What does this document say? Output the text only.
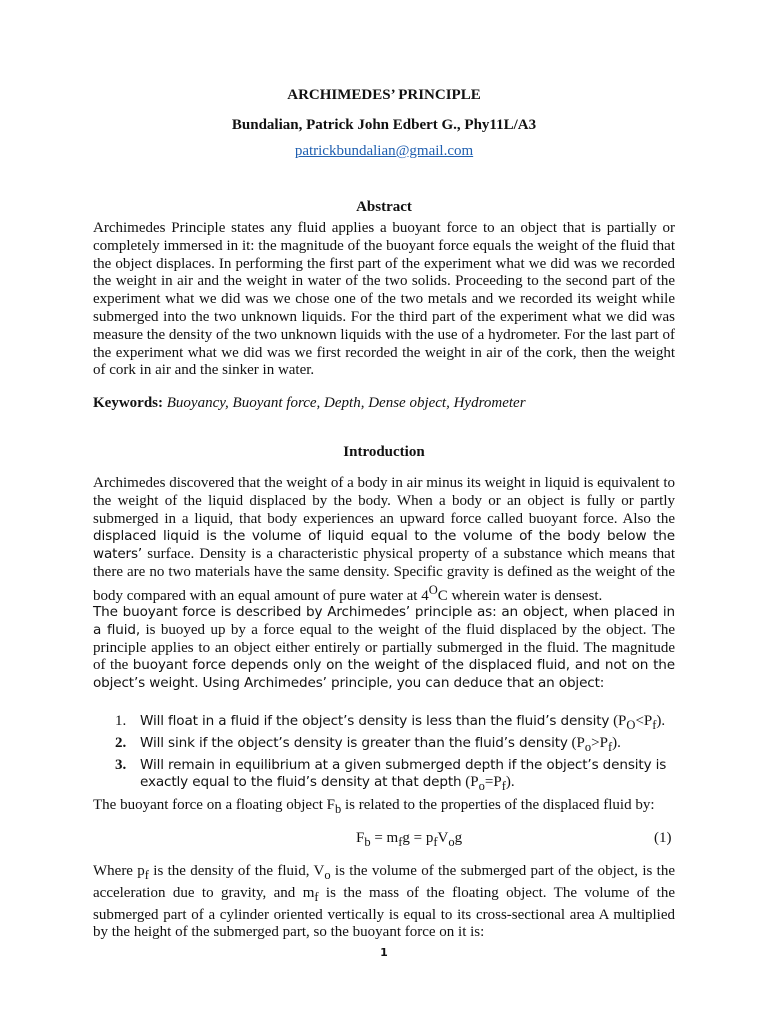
ARCHIMEDES’ PRINCIPLE
Bundalian, Patrick John Edbert G., Phy11L/A3
patrickbundalian@gmail.com
Abstract

Archimedes Principle states any fluid applies a buoyant force to an object that is partially or completely immersed in it: the magnitude of the buoyant force equals the weight of the fluid that the object displaces. In performing the first part of the experiment what we did was we recorded the weight in air and the weight in water of the two solids. Proceeding to the second part of the experiment what we did was we chose one of the two metals and we recorded its weight while submerged into the two unknown liquids. For the third part of the experiment what we did was measure the density of the two unknown liquids with the use of a hydrometer. For the last part of the experiment what we did was we first recorded the weight in air of the cork, then the weight of cork in air and the sinker in water.

Keywords: Buoyancy, Buoyant force, Depth, Dense object, Hydrometer
Introduction

Archimedes discovered that the weight of a body in air minus its weight in liquid is equivalent to the weight of the liquid displaced by the body. When a body or an object is fully or partly submerged in a liquid, that body experiences an upward force called buoyant force. Also the displaced liquid is the volume of liquid equal to the volume of the body below the waters’ surface. Density is a characteristic physical property of a substance which means that there are no two materials have the same density. Specific gravity is defined as the weight of the body compared with an equal amount of pure water at $4^OC$ wherein water is densest.

The buoyant force is described by Archimedes’ principle as: an object, when placed in a fluid, is buoyed up by a force equal to the weight of the fluid displaced by the object. The principle applies to an object either entirely or partially submerged in the fluid. The magnitude of the buoyant force depends only on the weight of the displaced fluid, and not on the object’s weight. Using Archimedes’ principle, you can deduce that an object:

1. Will float in a fluid if the object’s density is less than the fluid’s density $(P_O<P_f)$.
2. Will sink if the object’s density is greater than the fluid’s density $(P_o>P_f)$.
3. Will remain in equilibrium at a given submerged depth if the object’s density is exactly equal to the fluid’s density at that depth $(P_o=P_f)$.

The buoyant force on a floating object $F_b$ is related to the properties of the displaced fluid by:

$F_b = m_fg = p_fV_og$	(1)

Where $p_f$ is the density of the fluid, $V_o$ is the volume of the submerged part of the object, is the acceleration due to gravity, and $m_f$ is the mass of the floating object. The volume of the submerged part of a cylinder oriented vertically is equal to its cross-sectional area A multiplied by the height of the submerged part, so the buoyant force on it is:

1
